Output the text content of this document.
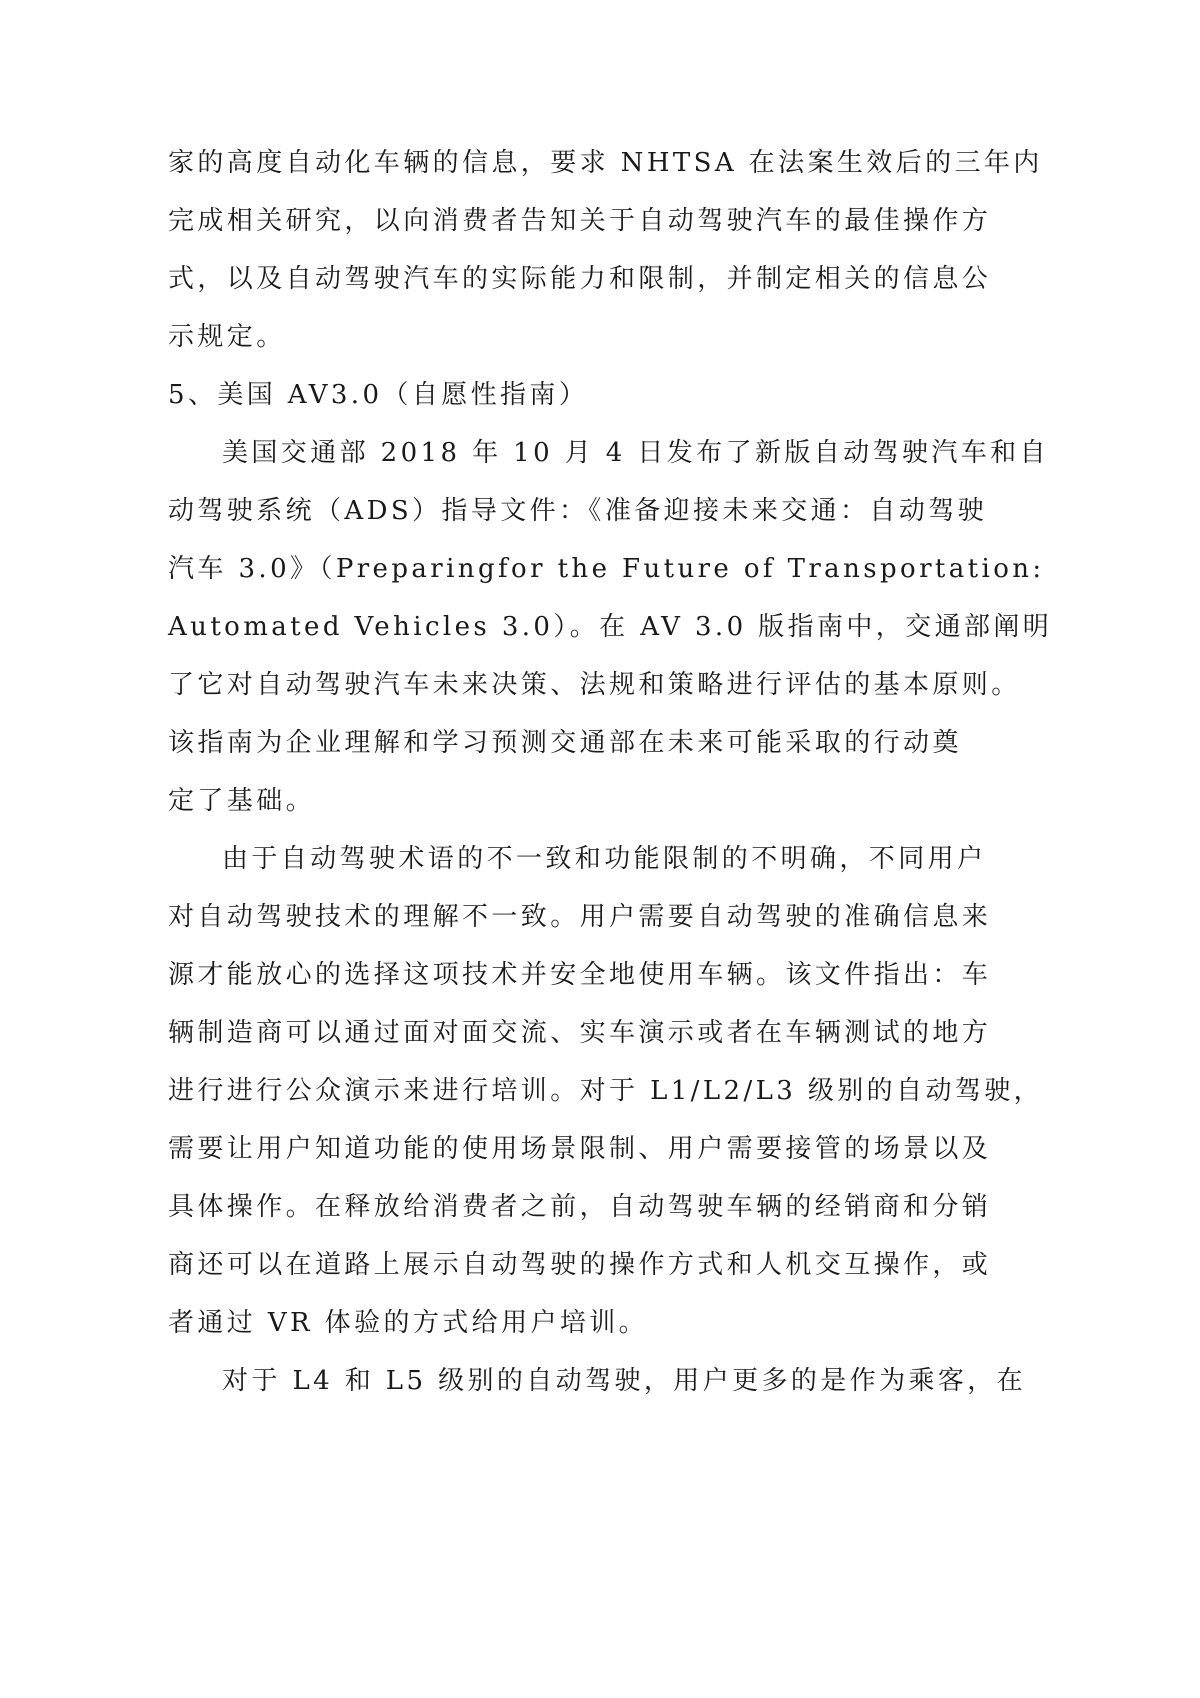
家的高度自动化车辆的信息，要求 NHTSA 在法案生效后的三年内
完成相关研究，以向消费者告知关于自动驾驶汽车的最佳操作方
式，以及自动驾驶汽车的实际能力和限制，并制定相关的信息公
示规定。
5、美国 AV3.0（自愿性指南）
美国交通部 2018 年 10 月 4 日发布了新版自动驾驶汽车和自
动驾驶系统（ADS）指导文件：《准备迎接未来交通：自动驾驶
汽车 3.0》（Preparingfor the Future of Transportation:
Automated Vehicles 3.0）。在 AV 3.0 版指南中，交通部阐明
了它对自动驾驶汽车未来决策、法规和策略进行评估的基本原则。
该指南为企业理解和学习预测交通部在未来可能采取的行动奠
定了基础。
由于自动驾驶术语的不一致和功能限制的不明确，不同用户
对自动驾驶技术的理解不一致。用户需要自动驾驶的准确信息来
源才能放心的选择这项技术并安全地使用车辆。该文件指出：车
辆制造商可以通过面对面交流、实车演示或者在车辆测试的地方
进行进行公众演示来进行培训。对于 L1/L2/L3 级别的自动驾驶，
需要让用户知道功能的使用场景限制、用户需要接管的场景以及
具体操作。在释放给消费者之前，自动驾驶车辆的经销商和分销
商还可以在道路上展示自动驾驶的操作方式和人机交互操作，或
者通过 VR 体验的方式给用户培训。
对于 L4 和 L5 级别的自动驾驶，用户更多的是作为乘客，在
